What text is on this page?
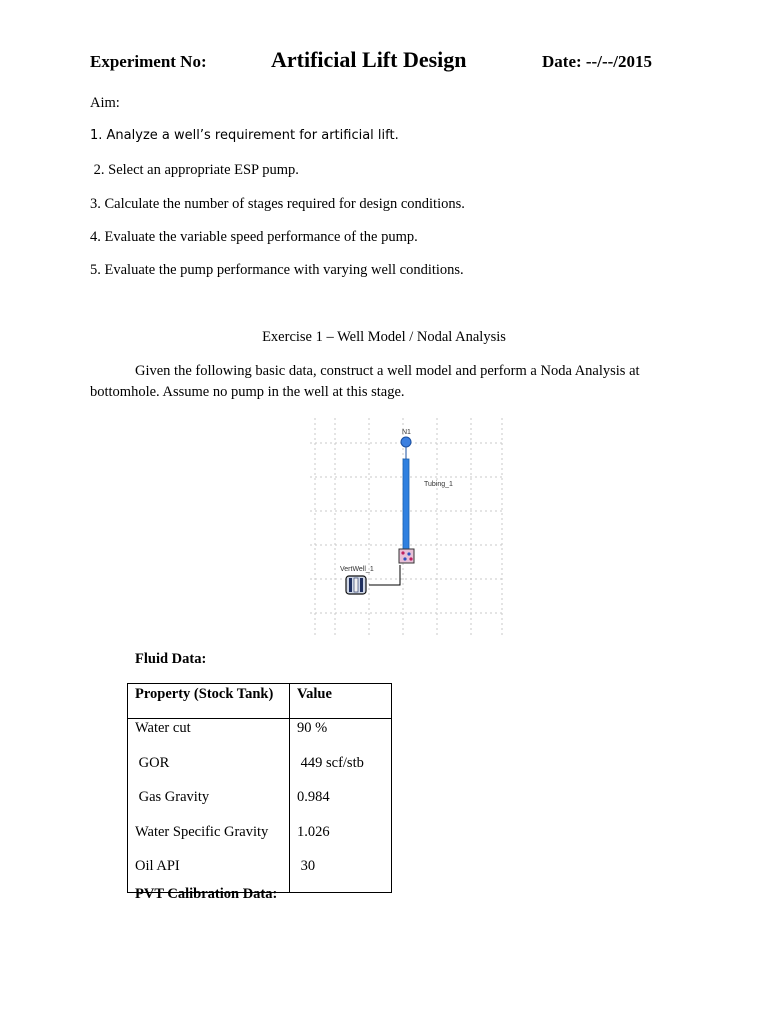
Experiment No:	Artificial Lift Design	Date: --/--/2015
Aim:
1. Analyze a well’s requirement for artificial lift.
2. Select an appropriate ESP pump.
3. Calculate the number of stages required for design conditions.
4. Evaluate the variable speed performance of the pump.
5. Evaluate the pump performance with varying well conditions.
Exercise 1 – Well Model / Nodal Analysis
Given the following basic data, construct a well model and perform a Noda Analysis at bottomhole. Assume no pump in the well at this stage.
N1
Tubing_1
VertWell_1
Fluid Data:
Property (Stock Tank)	Value
Water cut	90 %
GOR	449 scf/stb
Gas Gravity	0.984
Water Specific Gravity	1.026
Oil API	30
PVT Calibration Data:
